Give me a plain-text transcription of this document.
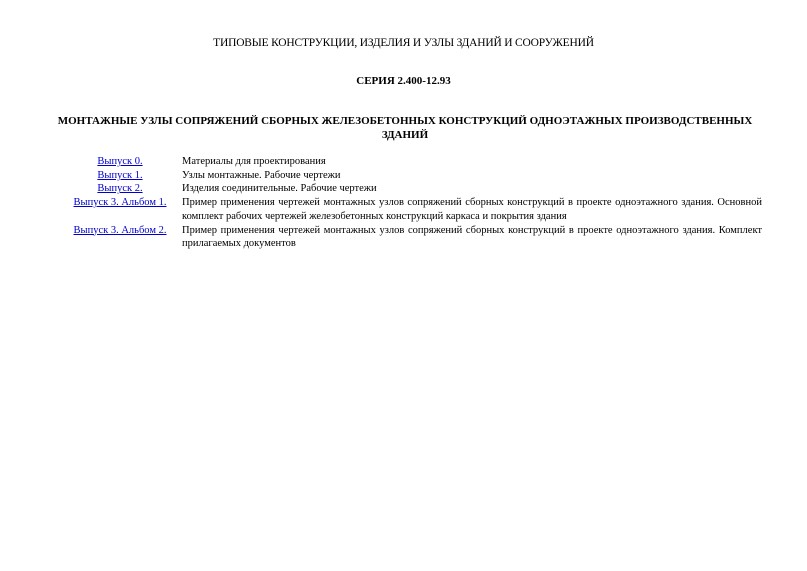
ТИПОВЫЕ КОНСТРУКЦИИ, ИЗДЕЛИЯ И УЗЛЫ ЗДАНИЙ И СООРУЖЕНИЙ
СЕРИЯ 2.400-12.93
МОНТАЖНЫЕ УЗЛЫ СОПРЯЖЕНИЙ СБОРНЫХ ЖЕЛЕЗОБЕТОННЫХ КОНСТРУКЦИЙ ОДНОЭТАЖНЫХ ПРОИЗВОДСТВЕННЫХ ЗДАНИЙ
Выпуск 0.	Материалы для проектирования
Выпуск 1.	Узлы монтажные. Рабочие чертежи
Выпуск 2.	Изделия соединительные. Рабочие чертежи
Выпуск 3. Альбом 1.	Пример применения чертежей монтажных узлов сопряжений сборных конструкций в проекте одноэтажного здания. Основной комплект рабочих чертежей железобетонных конструкций каркаса и покрытия здания
Выпуск 3. Альбом 2.	Пример применения чертежей монтажных узлов сопряжений сборных конструкций в проекте одноэтажного здания. Комплект прилагаемых документов
